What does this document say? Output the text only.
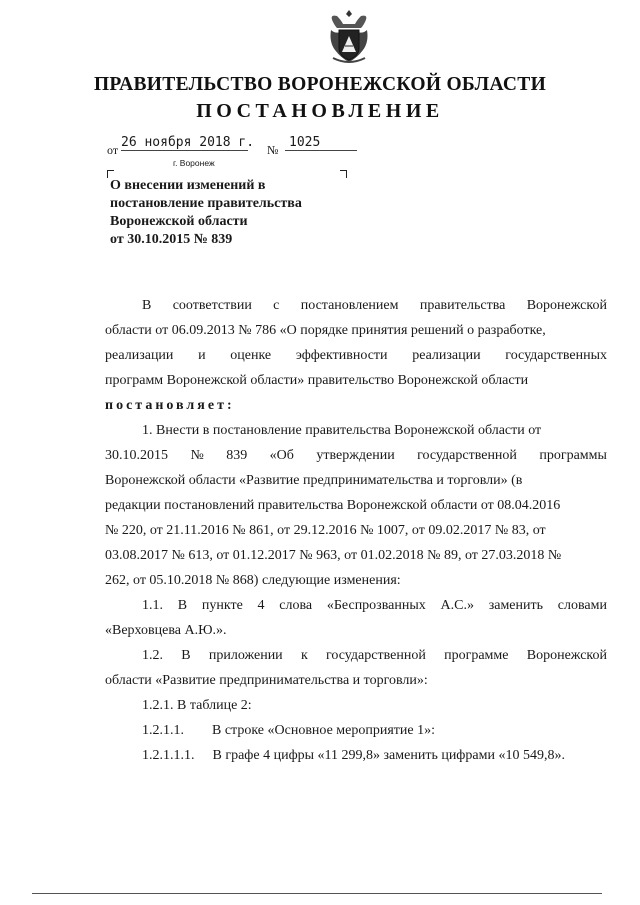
ПРАВИТЕЛЬСТВО ВОРОНЕЖСКОЙ ОБЛАСТИ
ПОСТАНОВЛЕНИЕ
от 26 ноября 2018 г. № 1025
г. Воронеж
О внесении изменений в
постановление правительства
Воронежской области
от 30.10.2015 № 839
В соответствии с постановлением правительства Воронежской
области от 06.09.2013 № 786 «О порядке принятия решений о разработке,
реализации и оценке эффективности реализации государственных
программ Воронежской области» правительство Воронежской области
постановляет:
1. Внести в постановление правительства Воронежской области от
30.10.2015 № 839 «Об утверждении государственной программы
Воронежской области «Развитие предпринимательства и торговли» (в
редакции постановлений правительства Воронежской области от 08.04.2016
№ 220, от 21.11.2016 № 861, от 29.12.2016 № 1007, от 09.02.2017 № 83, от
03.08.2017 № 613, от 01.12.2017 № 963, от 01.02.2018 № 89, от 27.03.2018 №
262, от 05.10.2018 № 868) следующие изменения:
1.1. В пункте 4 слова «Беспрозванных А.С.» заменить словами
«Верховцева А.Ю.».
1.2. В приложении к государственной программе Воронежской
области «Развитие предпринимательства и торговли»:
1.2.1. В таблице 2:
1.2.1.1. В строке «Основное мероприятие 1»:
1.2.1.1.1. В графе 4 цифры «11 299,8» заменить цифрами «10 549,8».
